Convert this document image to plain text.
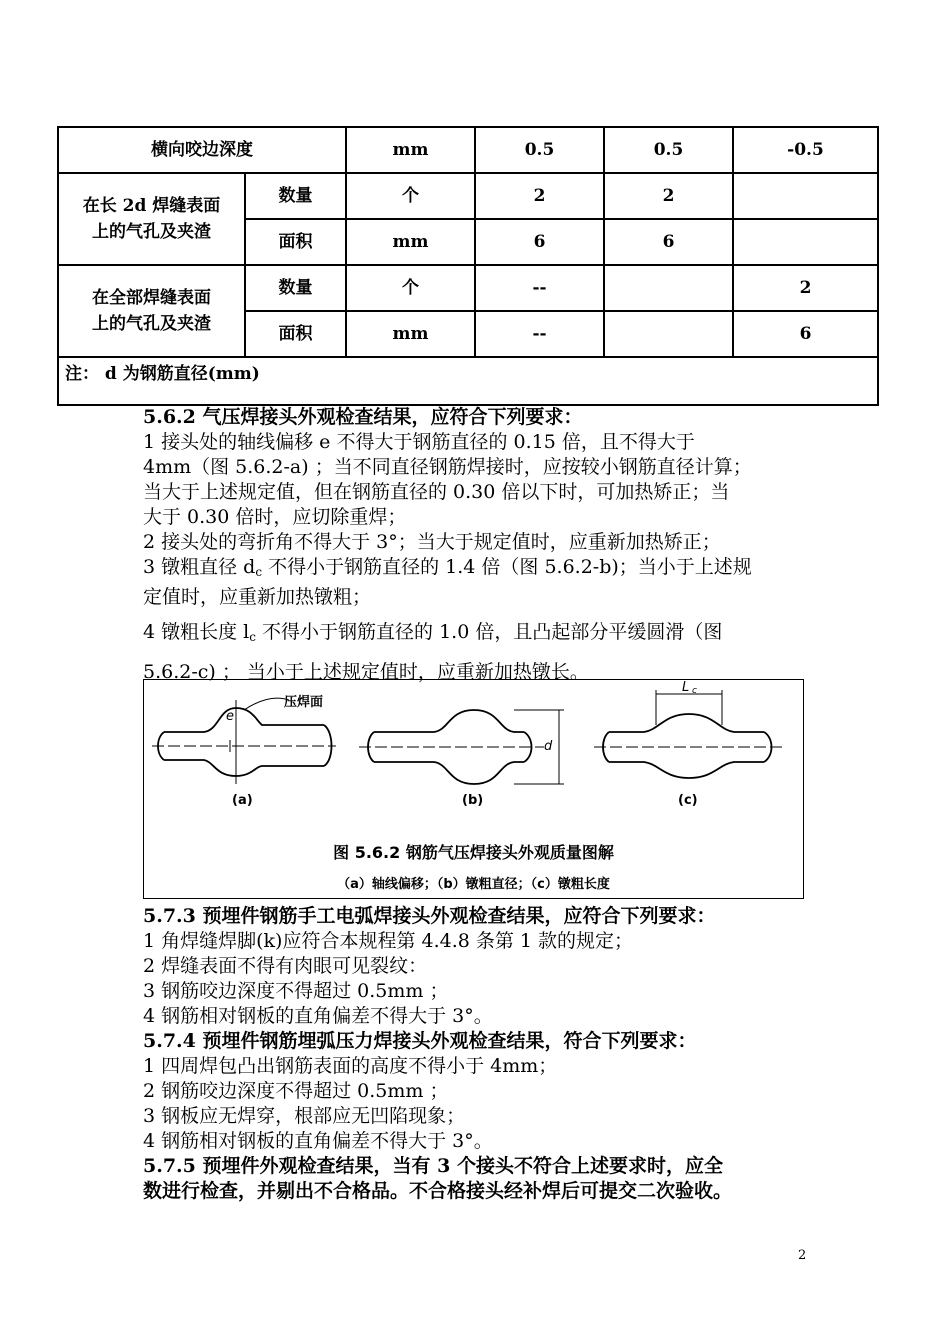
横向咬边深度		mm	0.5	0.5	-0.5

在长 2d 焊缝表面
上的气孔及夹渣	数量	个	2	2	
	面积	mm	6	6	

在全部焊缝表面
上的气孔及夹渣	数量	个	--		2
	面积	mm	--		6
注： d 为钢筋直径(mm)					

5.6.2 气压焊接头外观检查结果，应符合下列要求：

1 接头处的轴线偏移 e 不得大于钢筋直径的 0.15 倍，且不得大于

4mm（图 5.6.2-a) ；当不同直径钢筋焊接时，应按较小钢筋直径计算；

当大于上述规定值，但在钢筋直径的 0.30 倍以下时，可加热矫正；当

大于 0.30 倍时，应切除重焊；

2 接头处的弯折角不得大于 3°；当大于规定值时，应重新加热矫正；

3 镦粗直径 $d_c$ 不得小于钢筋直径的 1.4 倍（图 5.6.2-b)；当小于上述规

定值时，应重新加热镦粗；

4 镦粗长度 $l_c$ 不得小于钢筋直径的 1.0 倍，且凸起部分平缓圆滑（图

5.6.2-c) ； 当小于上述规定值时，应重新加热镦长。

压焊面
e
d
L c
(a)	(b)	(c)
图 5.6.2 钢筋气压焊接头外观质量图解
（a）轴线偏移；（b）镦粗直径；（c）镦粗长度

5.7.3 预埋件钢筋手工电弧焊接头外观检查结果，应符合下列要求：

1 角焊缝焊脚(k)应符合本规程第 4.4.8 条第 1 款的规定；

2 焊缝表面不得有肉眼可见裂纹：

3 钢筋咬边深度不得超过 0.5mm ；

4 钢筋相对钢板的直角偏差不得大于 3°。

5.7.4 预埋件钢筋埋弧压力焊接头外观检查结果，符合下列要求：

1 四周焊包凸出钢筋表面的高度不得小于 4mm；

2 钢筋咬边深度不得超过 0.5mm ；

3 钢板应无焊穿，根部应无凹陷现象；

4 钢筋相对钢板的直角偏差不得大于 3°。

5.7.5 预埋件外观检查结果，当有 3 个接头不符合上述要求时，应全

数进行检查，并剔出不合格品。不合格接头经补焊后可提交二次验收。

2
